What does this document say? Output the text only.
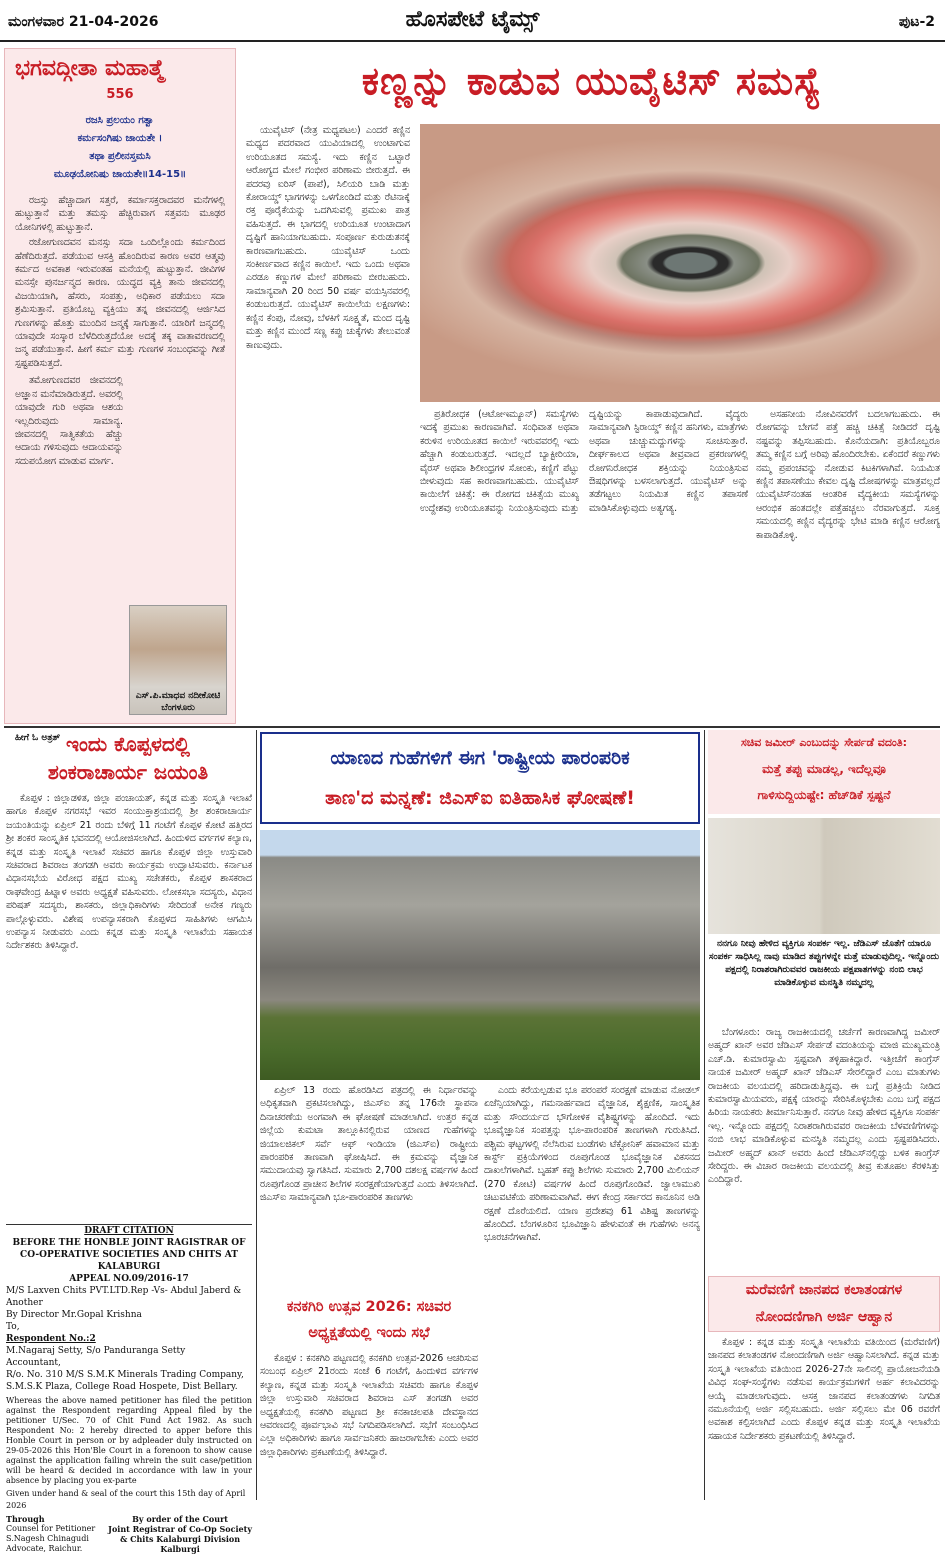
ಹೊಸಪೇಟೆ ಟೈಮ್ಸ್
ಮಂಗಳವಾರ 21-04-2026	ಪುಟ-2
ಭಗವದ್ಗೀತಾ ಮಹಾತ್ಮೆ
556
ರಜಸಿ ಪ್ರಲಯಂ ಗತ್ವಾ
ಕರ್ಮಸಂಗಿಷು ಜಾಯತೇ ।
ತಥಾ ಪ್ರಲೀನಸ್ತಮಸಿ
ಮೂಢಯೋನಿಷು ಜಾಯತೇ॥14-15॥

ರಜಸ್ಸು ಹೆಚ್ಚಾದಾಗ ಸತ್ತರೆ, ಕರ್ಮಾಸಕ್ತರಾದವರ ಮನೆಗಳಲ್ಲಿ ಹುಟ್ಟುತ್ತಾನೆ ಮತ್ತು ತಮಸ್ಸು ಹೆಚ್ಚಿರುವಾಗ ಸತ್ತವನು ಮೂಢರ ಯೋನಿಗಳಲ್ಲಿ ಹುಟ್ಟುತ್ತಾನೆ.

ರಜೋಗುಣದವನ ಮನಸ್ಸು ಸದಾ ಒಂದಿಲ್ಲೊಂದು ಕರ್ಮದಿಂದ ಹೆಣೆದಿರುತ್ತದೆ. ಪಡೆಯುವ ಆಸಕ್ತಿ ಹೊಂದಿರುವ ಕಾರಣ ಅವರ ಆತ್ಮವು ಕರ್ಮದ ಅವಕಾಶ ಇರುವಂತಹ ಮನೆಯಲ್ಲಿ ಹುಟ್ಟುತ್ತಾನೆ. ಜೀವಿಗಳ ಮನಸ್ಸೇ ಪುನರ್ಜನ್ಮದ ಕಾರಣ. ಯುದ್ಧದ ವ್ಯಕ್ತಿ ತಾನು ಜೀವನದಲ್ಲಿ ವಿಜಯಿಯಾಗಿ, ಹೆಸರು, ಸಂಪತ್ತು, ಅಧಿಕಾರ ಪಡೆಯಲು ಸದಾ ಶ್ರಮಿಸುತ್ತಾನೆ. ಪ್ರತಿಯೊಬ್ಬ ವ್ಯಕ್ತಿಯು ತನ್ನ ಜೀವನದಲ್ಲಿ ಆರ್ಜಿಸಿದ ಗುಣಗಳನ್ನು ಹೊತ್ತು ಮುಂದಿನ ಜನ್ಮಕ್ಕೆ ಸಾಗುತ್ತಾನೆ. ಯಾರಿಗೆ ಜನ್ಮದಲ್ಲಿ ಯಾವುದೇ ಸಂಸ್ಕಾರ ಬೆಳೆದಿರುತ್ತದೆಯೋ ಅದಕ್ಕೆ ತಕ್ಕ ವಾತಾವರಣದಲ್ಲಿ ಜನ್ಮ ಪಡೆಯುತ್ತಾನೆ. ಹೀಗೆ ಕರ್ಮ ಮತ್ತು ಗುಣಗಳ ಸಂಬಂಧವನ್ನು ಗೀತೆ ಸ್ಪಷ್ಟಪಡಿಸುತ್ತದೆ.

ತಮೋಗುಣದವರ ಜೀವನದಲ್ಲಿ ಅಜ್ಞಾನ ಮನೆಮಾಡಿರುತ್ತದೆ. ಅವರಲ್ಲಿ ಯಾವುದೇ ಗುರಿ ಅಥವಾ ಆಶಯ ಇಲ್ಲದಿರುವುದು ಸಾಮಾನ್ಯ. ಜೀವನದಲ್ಲಿ ಸಾತ್ವಿಕತೆಯ ಹೆಚ್ಚು ಆದಾಯ ಗಳಿಸುವುದು ಆದಾಯವನ್ನು ಸದುಪಯೋಗ ಮಾಡುವ ಮಾರ್ಗ.

ಹೀಗೆ ಓ ಅತ್ರತ್
ಎಸ್.ಪಿ.ಮಾಧವ ನದೀಕೋಟಿ
ಬೆಂಗಳೂರು
ಕಣ್ಣನ್ನು ಕಾಡುವ ಯುವೈಟಿಸ್ ಸಮಸ್ಯೆ

ಯುವೈಟಿಸ್ (ನೇತ್ರ ಮಧ್ಯಪಟಲ) ಎಂದರೆ ಕಣ್ಣಿನ ಮಧ್ಯದ ಪದರವಾದ ಯುವಿಯಾದಲ್ಲಿ ಉಂಟಾಗುವ ಉರಿಯೂತದ ಸಮಸ್ಯೆ. ಇದು ಕಣ್ಣಿನ ಒಟ್ಟಾರೆ ಆರೋಗ್ಯದ ಮೇಲೆ ಗಂಭೀರ ಪರಿಣಾಮ ಬೀರುತ್ತದೆ. ಈ ಪದರವು ಐರಿಸ್ (ಪಾಪೆ), ಸಿಲಿಯರಿ ಬಾಡಿ ಮತ್ತು ಕೋರಾಯ್ಡ್ ಭಾಗಗಳನ್ನು ಒಳಗೊಂಡಿದೆ ಮತ್ತು ರೆಟಿನಾಕ್ಕೆ ರಕ್ತ ಪೂರೈಕೆಯನ್ನು ಒದಗಿಸುವಲ್ಲಿ ಪ್ರಮುಖ ಪಾತ್ರ ವಹಿಸುತ್ತದೆ. ಈ ಭಾಗದಲ್ಲಿ ಉರಿಯೂತ ಉಂಟಾದಾಗ ದೃಷ್ಟಿಗೆ ಹಾನಿಯಾಗಬಹುದು. ಸಂಪೂರ್ಣ ಕುರುಡುತನಕ್ಕೆ ಕಾರಣವಾಗಬಹುದು. ಯುವೈಟಿಸ್ ಒಂದು ಸಂಕೀರ್ಣವಾದ ಕಣ್ಣಿನ ಕಾಯಿಲೆ. ಇದು ಒಂದು ಅಥವಾ ಎರಡೂ ಕಣ್ಣುಗಳ ಮೇಲೆ ಪರಿಣಾಮ ಬೀರಬಹುದು. ಸಾಮಾನ್ಯವಾಗಿ 20 ರಿಂದ 50 ವರ್ಷ ವಯಸ್ಸಿನವರಲ್ಲಿ ಕಂಡುಬರುತ್ತದೆ. ಯುವೈಟಿಸ್ ಕಾಯಿಲೆಯ ಲಕ್ಷಣಗಳು: ಕಣ್ಣಿನ ಕೆಂಪು, ನೋವು, ಬೆಳಕಿಗೆ ಸೂಕ್ಷ್ಮತೆ, ಮಂದ ದೃಷ್ಟಿ ಮತ್ತು ಕಣ್ಣಿನ ಮುಂದೆ ಸಣ್ಣ ಕಪ್ಪು ಚುಕ್ಕೆಗಳು ತೇಲುವಂತೆ ಕಾಣುವುದು.

ಪ್ರತಿರೋಧಕ (ಆಟೋಇಮ್ಯೂನ್) ಸಮಸ್ಯೆಗಳು ಇದಕ್ಕೆ ಪ್ರಮುಖ ಕಾರಣವಾಗಿವೆ. ಸಂಧಿವಾತ ಅಥವಾ ಕರುಳಿನ ಉರಿಯೂತದ ಕಾಯಿಲೆ ಇರುವವರಲ್ಲಿ ಇದು ಹೆಚ್ಚಾಗಿ ಕಂಡುಬರುತ್ತದೆ. ಇದಲ್ಲದೆ ಬ್ಯಾಕ್ಟೀರಿಯಾ, ವೈರಸ್ ಅಥವಾ ಶಿಲೀಂಧ್ರಗಳ ಸೋಂಕು, ಕಣ್ಣಿಗೆ ಪೆಟ್ಟು ಬೀಳುವುದು ಸಹ ಕಾರಣವಾಗಬಹುದು. ಯುವೈಟಿಸ್ ಕಾಯಿಲೆಗೆ ಚಿಕಿತ್ಸೆ: ಈ ರೋಗದ ಚಿಕಿತ್ಸೆಯ ಮುಖ್ಯ ಉದ್ದೇಶವು ಉರಿಯೂತವನ್ನು ನಿಯಂತ್ರಿಸುವುದು ಮತ್ತು ದೃಷ್ಟಿಯನ್ನು ಕಾಪಾಡುವುದಾಗಿದೆ. ವೈದ್ಯರು ಸಾಮಾನ್ಯವಾಗಿ ಸ್ಟಿರಾಯ್ಡ್ ಕಣ್ಣಿನ ಹನಿಗಳು, ಮಾತ್ರೆಗಳು ಅಥವಾ ಚುಚ್ಚುಮದ್ದುಗಳನ್ನು ಸೂಚಿಸುತ್ತಾರೆ. ದೀರ್ಘಕಾಲದ ಅಥವಾ ತೀವ್ರವಾದ ಪ್ರಕರಣಗಳಲ್ಲಿ ರೋಗನಿರೋಧಕ ಶಕ್ತಿಯನ್ನು ನಿಯಂತ್ರಿಸುವ ಔಷಧಿಗಳನ್ನು ಬಳಸಲಾಗುತ್ತದೆ. ಯುವೈಟಿಸ್ ಅನ್ನು ತಡೆಗಟ್ಟಲು ನಿಯಮಿತ ಕಣ್ಣಿನ ತಪಾಸಣೆ ಮಾಡಿಸಿಕೊಳ್ಳುವುದು ಅತ್ಯಗತ್ಯ.

ಅಸಹನೀಯ ನೋವಿನವರೆಗೆ ಬದಲಾಗಬಹುದು. ಈ ರೋಗವನ್ನು ಬೇಗನೆ ಪತ್ತೆ ಹಚ್ಚಿ ಚಿಕಿತ್ಸೆ ನೀಡಿದರೆ ದೃಷ್ಟಿ ನಷ್ಟವನ್ನು ತಪ್ಪಿಸಬಹುದು. ಕೊನೆಯದಾಗಿ: ಪ್ರತಿಯೊಬ್ಬರೂ ತಮ್ಮ ಕಣ್ಣಿನ ಬಗ್ಗೆ ಅರಿವು ಹೊಂದಿರಬೇಕು. ಏಕೆಂದರೆ ಕಣ್ಣುಗಳು ನಮ್ಮ ಪ್ರಪಂಚವನ್ನು ನೋಡುವ ಕಿಟಕಿಗಳಾಗಿವೆ. ನಿಯಮಿತ ಕಣ್ಣಿನ ತಪಾಸಣೆಯು ಕೇವಲ ದೃಷ್ಟಿ ದೋಷಗಳನ್ನು ಮಾತ್ರವಲ್ಲದೆ ಯುವೈಟಿಸ್‌ನಂತಹ ಆಂತರಿಕ ವೈದ್ಯಕೀಯ ಸಮಸ್ಯೆಗಳನ್ನು ಆರಂಭಿಕ ಹಂತದಲ್ಲೇ ಪತ್ತೆಹಚ್ಚಲು ನೆರವಾಗುತ್ತದೆ. ಸೂಕ್ತ ಸಮಯದಲ್ಲಿ ಕಣ್ಣಿನ ವೈದ್ಯರನ್ನು ಭೇಟಿ ಮಾಡಿ ಕಣ್ಣಿನ ಆರೋಗ್ಯ ಕಾಪಾಡಿಕೊಳ್ಳಿ.

ಇಂದು ಕೊಪ್ಪಳದಲ್ಲಿ
ಶಂಕರಾಚಾರ್ಯ ಜಯಂತಿ

ಕೊಪ್ಪಳ : ಜಿಲ್ಲಾಡಳಿತ, ಜಿಲ್ಲಾ ಪಂಚಾಯತ್, ಕನ್ನಡ ಮತ್ತು ಸಂಸ್ಕೃತಿ ಇಲಾಖೆ ಹಾಗೂ ಕೊಪ್ಪಳ ನಗರಸಭೆ ಇವರ ಸಂಯುಕ್ತಾಶ್ರಯದಲ್ಲಿ ಶ್ರೀ ಶಂಕರಾಚಾರ್ಯ ಜಯಂತಿಯನ್ನು ಏಪ್ರಿಲ್ 21 ರಂದು ಬೆಳಿಗ್ಗೆ 11 ಗಂಟೆಗೆ ಕೊಪ್ಪಳ ಕೋಟೆ ಹತ್ತಿರದ ಶ್ರೀ ಶಂಕರ ಸಾಂಸ್ಕೃತಿಕ ಭವನದಲ್ಲಿ ಆಯೋಜಿಸಲಾಗಿದೆ. ಹಿಂದುಳಿದ ವರ್ಗಗಳ ಕಲ್ಯಾಣ, ಕನ್ನಡ ಮತ್ತು ಸಂಸ್ಕೃತಿ ಇಲಾಖೆ ಸಚಿವರ ಹಾಗೂ ಕೊಪ್ಪಳ ಜಿಲ್ಲಾ ಉಸ್ತುವಾರಿ ಸಚಿವರಾದ ಶಿವರಾಜ ತಂಗಡಗಿ ಅವರು ಕಾರ್ಯಕ್ರಮ ಉದ್ಘಾಟಿಸುವರು. ಕರ್ನಾಟಕ ವಿಧಾನಸಭೆಯ ವಿರೋಧ ಪಕ್ಷದ ಮುಖ್ಯ ಸಚೇತಕರು, ಕೊಪ್ಪಳ ಶಾಸಕರಾದ ರಾಘವೇಂದ್ರ ಹಿಟ್ನಾಳ ಅವರು ಅಧ್ಯಕ್ಷತೆ ವಹಿಸುವರು. ಲೋಕಸಭಾ ಸದಸ್ಯರು, ವಿಧಾನ ಪರಿಷತ್ ಸದಸ್ಯರು, ಶಾಸಕರು, ಜಿಲ್ಲಾಧಿಕಾರಿಗಳು ಸೇರಿದಂತೆ ಅನೇಕ ಗಣ್ಯರು ಪಾಲ್ಗೊಳ್ಳುವರು. ವಿಶೇಷ ಉಪನ್ಯಾಸಕರಾಗಿ ಕೊಪ್ಪಳದ ಸಾಹಿತಿಗಳು ಆಗಮಿಸಿ ಉಪನ್ಯಾಸ ನೀಡುವರು ಎಂದು ಕನ್ನಡ ಮತ್ತು ಸಂಸ್ಕೃತಿ ಇಲಾಖೆಯ ಸಹಾಯಕ ನಿರ್ದೇಶಕರು ತಿಳಿಸಿದ್ದಾರೆ.

DRAFT CITATION
BEFORE THE HONBLE JOINT RAGISTRAR OF CO-OPERATIVE SOCIETIES AND CHITS AT KALABURGI
APPEAL NO.09/2016-17
M/S Laxven Chits PVT.LTD.Rep -Vs- Abdul Jaberd & Another
By Director Mr.Gopal Krishna
To,
Respondent No.:2
M.Nagaraj Setty, S/o Panduranga Setty
Accountant,
R/o. No. 310 M/S S.M.K Minerals Trading Company,
S.M.S.K Plaza, College Road Hospete, Dist Bellary.
Whereas the above named petitioner has filed the petition against the Respondent regarding Appeal filed by the petitioner U/Sec. 70 of Chit Fund Act 1982. As such Respondent No: 2 hereby directed to apper before this Honble Court in person or by adpleader duly instructed on 29-05-2026 this Hon'Ble Court in a forenoon to show cause against the application failing whrein the suit case/petition will be heard & decided in accordance with law in your absence by placing you ex-parte
Given under hand & seal of the court this 15th day of April 2026
Through
Counsel for Petitioner
S.Nagesh Chinagudi
Advocate, Raichur.
By order of the Court
Joint Registrar of Co-Op Society
& Chits Kalaburgi Division
Kalburgi
ಯಾಣದ ಗುಹೆಗಳಿಗೆ ಈಗ 'ರಾಷ್ಟ್ರೀಯ ಪಾರಂಪರಿಕ
ತಾಣ'ದ ಮನ್ನಣೆ: ಜಿಎಸ್‌ಐ ಐತಿಹಾಸಿಕ ಘೋಷಣೆ!

ಏಪ್ರಿಲ್ 13 ರಂದು ಹೊರಡಿಸಿದ ಪತ್ರದಲ್ಲಿ ಈ ನಿರ್ಧಾರವನ್ನು ಅಧಿಕೃತವಾಗಿ ಪ್ರಕಟಿಸಲಾಗಿದ್ದು, ಜಿಎಸ್‌ಐ ತನ್ನ 176ನೇ ಸ್ಥಾಪನಾ ದಿನಾಚರಣೆಯ ಅಂಗವಾಗಿ ಈ ಘೋಷಣೆ ಮಾಡಲಾಗಿದೆ. ಉತ್ತರ ಕನ್ನಡ ಜಿಲ್ಲೆಯ ಕುಮಟಾ ತಾಲ್ಲೂಕಿನಲ್ಲಿರುವ ಯಾಣದ ಗುಹೆಗಳನ್ನು ಜಿಯಾಲಜಿಕಲ್ ಸರ್ವೆ ಆಫ್ ಇಂಡಿಯಾ (ಜಿಎಸ್‌ಐ) ರಾಷ್ಟ್ರೀಯ ಪಾರಂಪರಿಕ ತಾಣವಾಗಿ ಘೋಷಿಸಿದೆ. ಈ ಕ್ರಮವನ್ನು ವೈಜ್ಞಾನಿಕ ಸಮುದಾಯವು ಸ್ವಾಗತಿಸಿದೆ. ಸುಮಾರು 2,700 ದಶಲಕ್ಷ ವರ್ಷಗಳ ಹಿಂದೆ ರೂಪುಗೊಂಡ ಪ್ರಾಚೀನ ಶಿಲೆಗಳ ಸಂರಕ್ಷಣೆಯಾಗುತ್ತದೆ ಎಂದು ತಿಳಿಸಲಾಗಿದೆ. ಜಿಎಸ್‌ಐ ಸಾಮಾನ್ಯವಾಗಿ ಭೂ-ಪಾರಂಪರಿಕ ತಾಣಗಳು

ಎಂದು ಕರೆಯಲ್ಪಡುವ ಭೂ ಪರಂಪರೆ ಸಂರಕ್ಷಣೆ ಮಾಡುವ ನೋಡಲ್ ಏಜೆನ್ಸಿಯಾಗಿದ್ದು, ಗಮನಾರ್ಹವಾದ ವೈಜ್ಞಾನಿಕ, ಶೈಕ್ಷಣಿಕ, ಸಾಂಸ್ಕೃತಿಕ ಮತ್ತು ಸೌಂದರ್ಯದ ಭೌಗೋಳಿಕ ವೈಶಿಷ್ಟ್ಯಗಳನ್ನು ಹೊಂದಿದೆ. ಇದು ಭೂವೈಜ್ಞಾನಿಕ ಸಂಪತ್ತನ್ನು ಭೂ-ಪಾರಂಪರಿಕ ತಾಣಗಳಾಗಿ ಗುರುತಿಸಿದೆ. ಪಶ್ಚಿಮ ಘಟ್ಟಗಳಲ್ಲಿ ನೆಲೆಸಿರುವ ಬಂಡೆಗಳು ಟೆಕ್ಟೋನಿಕ್ ಹವಾಮಾನ ಮತ್ತು ಕಾರ್ಸ್ಟ್ ಪ್ರಕ್ರಿಯೆಗಳಿಂದ ರೂಪುಗೊಂಡ ಭೂವೈಜ್ಞಾನಿಕ ವಿಕಸನದ ದಾಖಲೆಗಳಾಗಿವೆ. ಬೃಹತ್ ಕಪ್ಪು ಶಿಲೆಗಳು ಸುಮಾರು 2,700 ಮಿಲಿಯನ್ (270 ಕೋಟಿ) ವರ್ಷಗಳ ಹಿಂದೆ ರೂಪುಗೊಂಡಿವೆ. ಜ್ವಾಲಾಮುಖಿ ಚಟುವಟಿಕೆಯ ಪರಿಣಾಮವಾಗಿವೆ. ಈಗ ಕೇಂದ್ರ ಸರ್ಕಾರದ ಕಾನೂನಿನ ಅಡಿ ರಕ್ಷಣೆ ದೊರೆಯಲಿದೆ. ಯಾಣ ಪ್ರದೇಶವು 61 ವಿಶಿಷ್ಟ ತಾಣಗಳನ್ನು ಹೊಂದಿದೆ. ಬೆಂಗಳೂರಿನ ಭೂವಿಜ್ಞಾನಿ ಹೇಳುವಂತೆ ಈ ಗುಹೆಗಳು ಅನನ್ಯ ಭೂರಚನೆಗಳಾಗಿವೆ.

ಕನಕಗಿರಿ ಉತ್ಸವ 2026: ಸಚಿವರ
ಅಧ್ಯಕ್ಷತೆಯಲ್ಲಿ ಇಂದು ಸಭೆ

ಕೊಪ್ಪಳ : ಕನಕಗಿರಿ ಪಟ್ಟಣದಲ್ಲಿ ಕನಕಗಿರಿ ಉತ್ಸವ-2026 ಆಚರಿಸುವ ಸಂಬಂಧ ಏಪ್ರಿಲ್ 21ರಂದು ಸಂಜೆ 6 ಗಂಟೆಗೆ, ಹಿಂದುಳಿದ ವರ್ಗಗಳ ಕಲ್ಯಾಣ, ಕನ್ನಡ ಮತ್ತು ಸಂಸ್ಕೃತಿ ಇಲಾಖೆಯ ಸಚಿವರು ಹಾಗೂ ಕೊಪ್ಪಳ ಜಿಲ್ಲಾ ಉಸ್ತುವಾರಿ ಸಚಿವರಾದ ಶಿವರಾಜ ಎಸ್ ತಂಗಡಗಿ ಅವರ ಅಧ್ಯಕ್ಷತೆಯಲ್ಲಿ ಕನಕಗಿರಿ ಪಟ್ಟಣದ ಶ್ರೀ ಕನಕಾಚಲಪತಿ ದೇವಸ್ಥಾನದ ಆವರಣದಲ್ಲಿ ಪೂರ್ವಭಾವಿ ಸಭೆ ನಿಗದಿಪಡಿಸಲಾಗಿದೆ. ಸಭೆಗೆ ಸಂಬಂಧಿಸಿದ ಎಲ್ಲಾ ಅಧಿಕಾರಿಗಳು ಹಾಗೂ ಸಾರ್ವಜನಿಕರು ಹಾಜರಾಗಬೇಕು ಎಂದು ಅವರ ಜಿಲ್ಲಾಧಿಕಾರಿಗಳು ಪ್ರಕಟಣೆಯಲ್ಲಿ ತಿಳಿಸಿದ್ದಾರೆ.

ಸಚಿವ ಜಮೀರ್ ಎಂಬುದನ್ನು ಸೇರ್ಪಡೆ ವದಂತಿ:
ಮತ್ತೆ ತಪ್ಪು ಮಾಡಲ್ಲ, ಇದೆಲ್ಲವೂ
ಗಾಳಿಸುದ್ದಿಯಷ್ಟೇ: ಹೆಚ್‌ಡಿಕೆ ಸ್ಪಷ್ಟನೆ
ನನಗೂ ನೀವು ಹೇಳಿದ ವ್ಯಕ್ತಿಗೂ ಸಂಪರ್ಕ ಇಲ್ಲ. ಜೆಡಿಎಸ್ ಜೊತೆಗೆ ಯಾರೂ ಸಂಪರ್ಕ ಸಾಧಿಸಿಲ್ಲ ನಾವು ಮಾಡಿದ ತಪ್ಪುಗಳನ್ನೇ ಮತ್ತೆ ಮಾಡುವುದಿಲ್ಲ. ಇನ್ನೊಂದು ಪಕ್ಷದಲ್ಲಿ ನಿರಾಶರಾಗಿರುವವರ ರಾಜಕೀಯ ಪಕ್ಷಪಾತಗಳನ್ನು ನಂಬಿ ಲಾಭ ಮಾಡಿಕೊಳ್ಳುವ ಮನಸ್ಥಿತಿ ನಮ್ಮದಲ್ಲ

ಬೆಂಗಳೂರು: ರಾಜ್ಯ ರಾಜಕೀಯದಲ್ಲಿ ಚರ್ಚೆಗೆ ಕಾರಣವಾಗಿದ್ದ ಜಮೀರ್ ಅಹ್ಮದ್ ಖಾನ್ ಅವರ ಜೆಡಿಎಸ್ ಸೇರ್ಪಡೆ ವದಂತಿಯನ್ನು ಮಾಜಿ ಮುಖ್ಯಮಂತ್ರಿ ಎಚ್.ಡಿ. ಕುಮಾರಸ್ವಾಮಿ ಸ್ಪಷ್ಟವಾಗಿ ತಳ್ಳಿಹಾಕಿದ್ದಾರೆ. ಇತ್ತೀಚೆಗೆ ಕಾಂಗ್ರೆಸ್ ನಾಯಕ ಜಮೀರ್ ಅಹ್ಮದ್ ಖಾನ್ ಜೆಡಿಎಸ್ ಸೇರಲಿದ್ದಾರೆ ಎಂಬ ಮಾತುಗಳು ರಾಜಕೀಯ ವಲಯದಲ್ಲಿ ಹರಿದಾಡುತ್ತಿದ್ದವು. ಈ ಬಗ್ಗೆ ಪ್ರತಿಕ್ರಿಯೆ ನೀಡಿದ ಕುಮಾರಸ್ವಾಮಿಯವರು, ಪಕ್ಷಕ್ಕೆ ಯಾರನ್ನು ಸೇರಿಸಿಕೊಳ್ಳಬೇಕು ಎಂಬ ಬಗ್ಗೆ ಪಕ್ಷದ ಹಿರಿಯ ನಾಯಕರು ತೀರ್ಮಾನಿಸುತ್ತಾರೆ. ನನಗೂ ನೀವು ಹೇಳಿದ ವ್ಯಕ್ತಿಗೂ ಸಂಪರ್ಕ ಇಲ್ಲ. ಇನ್ನೊಂದು ಪಕ್ಷದಲ್ಲಿ ನಿರಾಶರಾಗಿರುವವರ ರಾಜಕೀಯ ಬೆಳವಣಿಗೆಗಳನ್ನು ನಂಬಿ ಲಾಭ ಮಾಡಿಕೊಳ್ಳುವ ಮನಸ್ಥಿತಿ ನಮ್ಮದಲ್ಲ ಎಂದು ಸ್ಪಷ್ಟಪಡಿಸಿದರು. ಜಮೀರ್ ಅಹ್ಮದ್ ಖಾನ್ ಅವರು ಹಿಂದೆ ಜೆಡಿಎಸ್‌ನಲ್ಲಿದ್ದು ಬಳಿಕ ಕಾಂಗ್ರೆಸ್ ಸೇರಿದ್ದರು. ಈ ವಿಚಾರ ರಾಜಕೀಯ ವಲಯದಲ್ಲಿ ತೀವ್ರ ಕುತೂಹಲ ಕೆರಳಿಸಿತ್ತು ಎಂದಿದ್ದಾರೆ.

ಮರೆವಣಿಗೆ ಜಾನಪದ ಕಲಾತಂಡಗಳ
ನೋಂದಣಿಗಾಗಿ ಅರ್ಜಿ ಆಹ್ವಾನ

ಕೊಪ್ಪಳ : ಕನ್ನಡ ಮತ್ತು ಸಂಸ್ಕೃತಿ ಇಲಾಖೆಯ ವತಿಯಿಂದ (ಮರೆವಣಿಗೆ) ಜಾನಪದ ಕಲಾತಂಡಗಳ ನೋಂದಣಿಗಾಗಿ ಅರ್ಜಿ ಆಹ್ವಾನಿಸಲಾಗಿದೆ. ಕನ್ನಡ ಮತ್ತು ಸಂಸ್ಕೃತಿ ಇಲಾಖೆಯ ವತಿಯಿಂದ 2026-27ನೇ ಸಾಲಿನಲ್ಲಿ ಪ್ರಾಯೋಜನೆಯಡಿ ವಿವಿಧ ಸಂಘ-ಸಂಸ್ಥೆಗಳು ನಡೆಸುವ ಕಾರ್ಯಕ್ರಮಗಳಿಗೆ ಅರ್ಹ ಕಲಾವಿದರನ್ನು ಆಯ್ಕೆ ಮಾಡಲಾಗುವುದು. ಆಸಕ್ತ ಜಾನಪದ ಕಲಾತಂಡಗಳು ನಿಗದಿತ ನಮೂನೆಯಲ್ಲಿ ಅರ್ಜಿ ಸಲ್ಲಿಸಬಹುದು. ಅರ್ಜಿ ಸಲ್ಲಿಸಲು ಮೇ 06 ರವರೆಗೆ ಅವಕಾಶ ಕಲ್ಪಿಸಲಾಗಿದೆ ಎಂದು ಕೊಪ್ಪಳ ಕನ್ನಡ ಮತ್ತು ಸಂಸ್ಕೃತಿ ಇಲಾಖೆಯ ಸಹಾಯಕ ನಿರ್ದೇಶಕರು ಪ್ರಕಟಣೆಯಲ್ಲಿ ತಿಳಿಸಿದ್ದಾರೆ.
